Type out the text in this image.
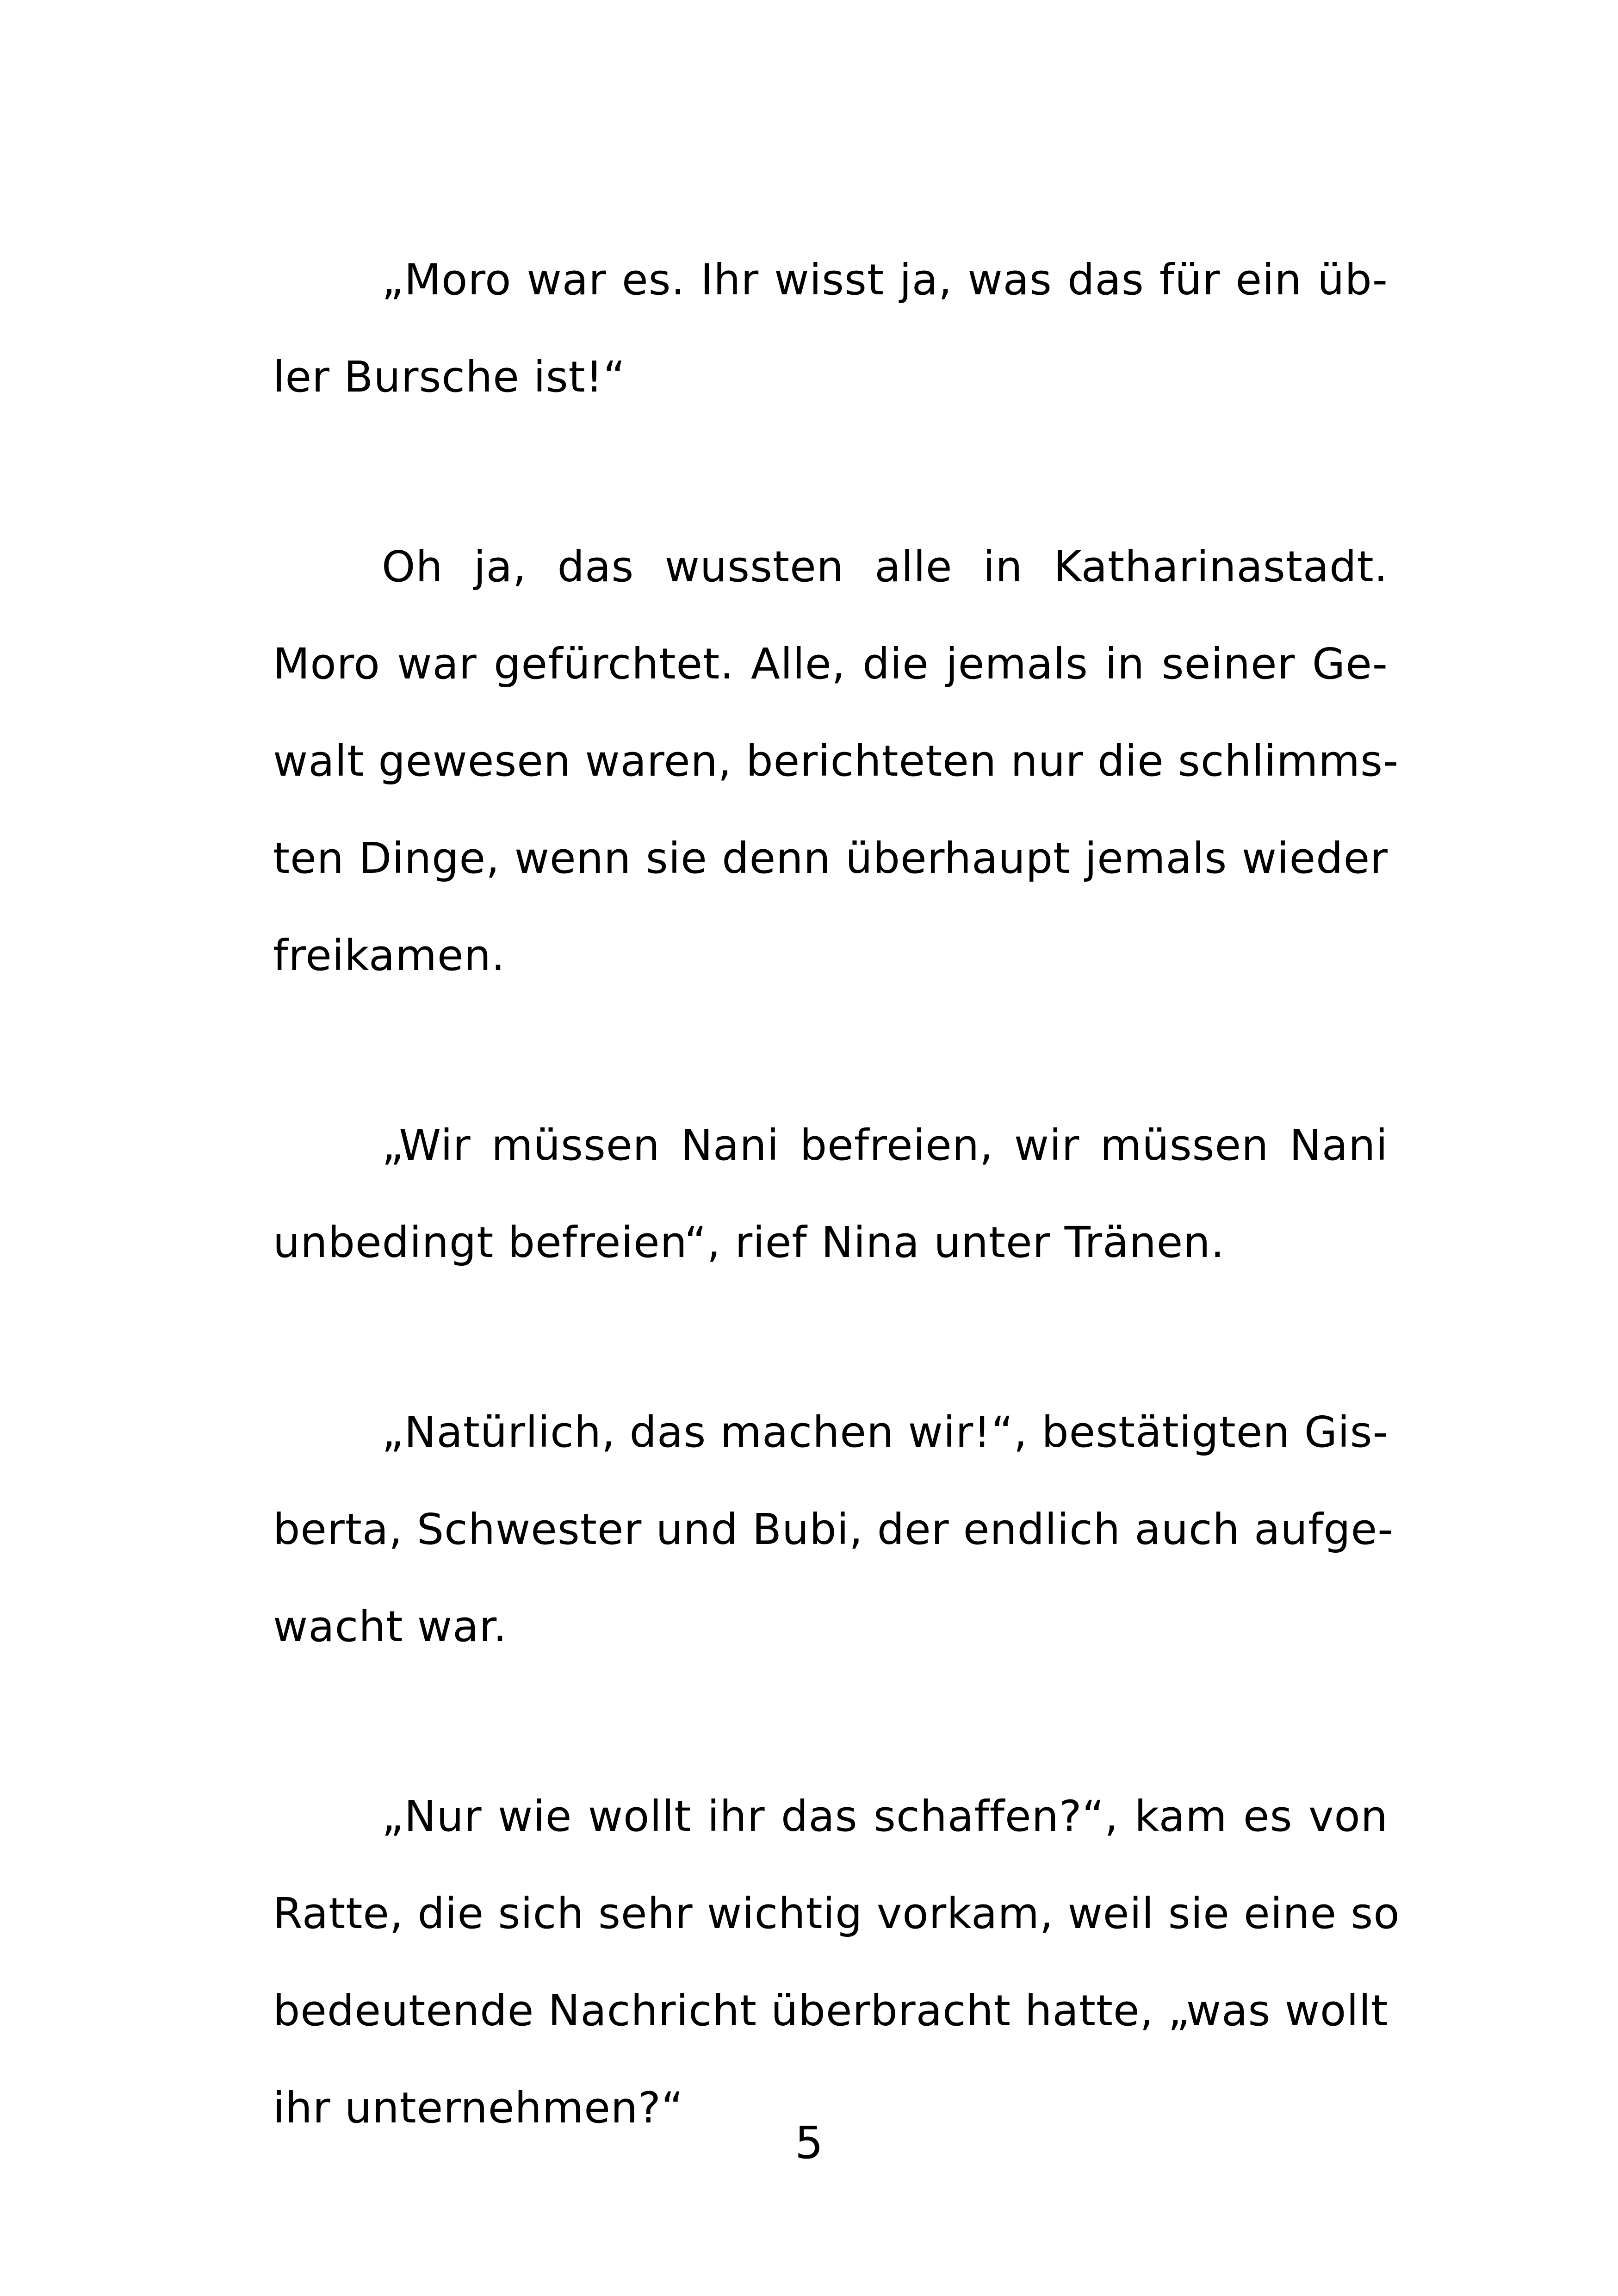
„Moro war es. Ihr wisst ja, was das für ein üb-
ler Bursche ist!“

Oh ja, das wussten alle in Katharinastadt.
Moro war gefürchtet. Alle, die jemals in seiner Ge-
walt gewesen waren, berichteten nur die schlimms-
ten Dinge, wenn sie denn überhaupt jemals wieder
freikamen.

„Wir müssen Nani befreien, wir müssen Nani
unbedingt befreien“, rief Nina unter Tränen.

„Natürlich, das machen wir!“, bestätigten Gis-
berta, Schwester und Bubi, der endlich auch aufge-
wacht war.

„Nur wie wollt ihr das schaffen?“, kam es von
Ratte, die sich sehr wichtig vorkam, weil sie eine so
bedeutende Nachricht überbracht hatte, „was wollt
ihr unternehmen?“

5
